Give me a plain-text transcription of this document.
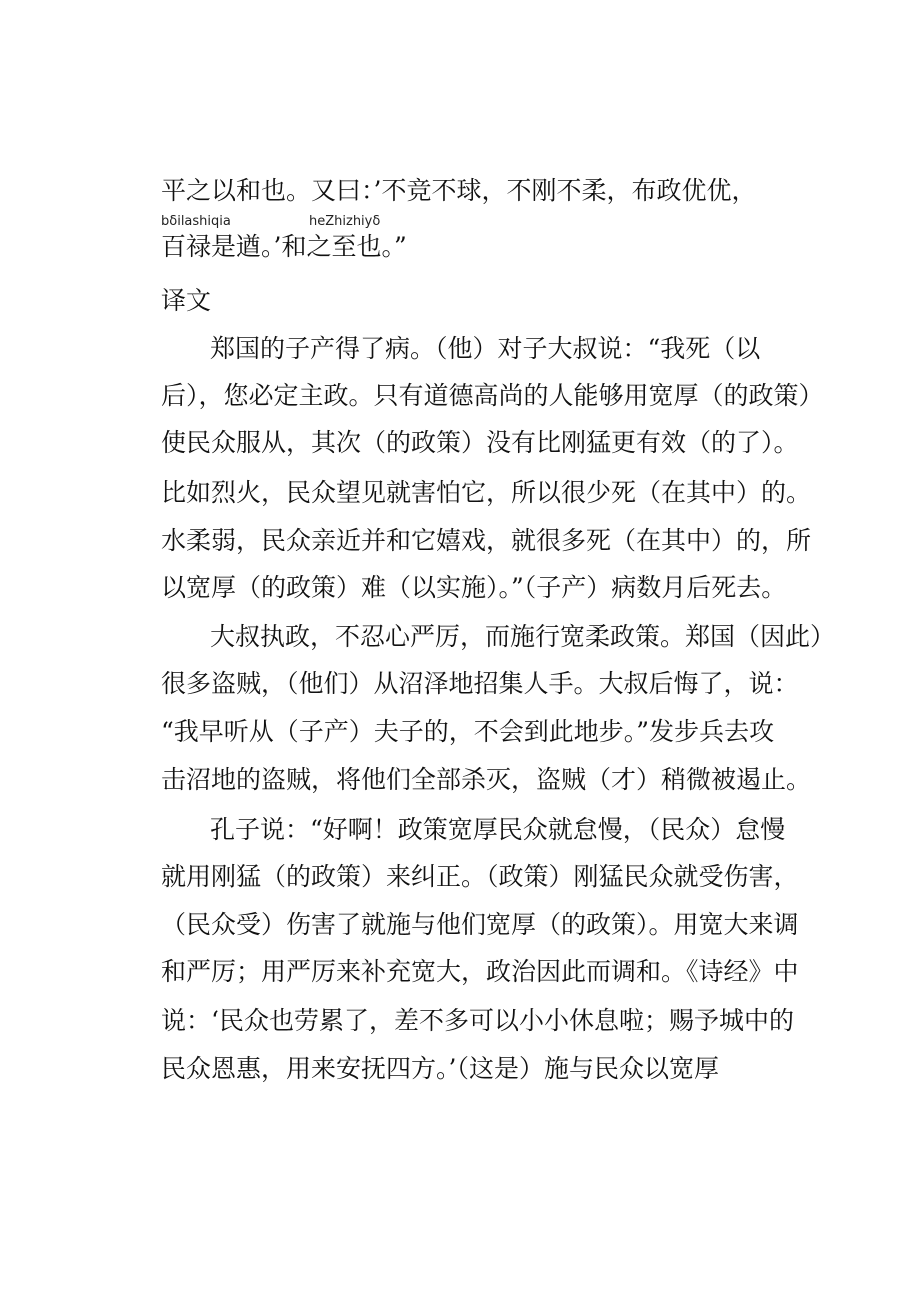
平之以和也。又曰：’不竞不球，不刚不柔，布政优优，
bδilashiqia	heZhizhiyδ
百禄是遒。’和之至也。”
译文
郑国的子产得了病。（他）对子大叔说：“我死（以
后），您必定主政。只有道德高尚的人能够用宽厚（的政策）
使民众服从，其次（的政策）没有比刚猛更有效（的了）。
比如烈火，民众望见就害怕它，所以很少死（在其中）的。
水柔弱，民众亲近并和它嬉戏，就很多死（在其中）的，所
以宽厚（的政策）难（以实施）。”（子产）病数月后死去。
大叔执政，不忍心严厉，而施行宽柔政策。郑国（因此）
很多盗贼，（他们）从沼泽地招集人手。大叔后悔了，说：
“我早听从（子产）夫子的，不会到此地步。”发步兵去攻
击沼地的盗贼，将他们全部杀灭，盗贼（才）稍微被遏止。
孔子说：“好啊！政策宽厚民众就怠慢，（民众）怠慢
就用刚猛（的政策）来纠正。（政策）刚猛民众就受伤害，
（民众受）伤害了就施与他们宽厚（的政策）。用宽大来调
和严厉；用严厉来补充宽大，政治因此而调和。《诗经》中
说：‘民众也劳累了，差不多可以小小休息啦；赐予城中的
民众恩惠，用来安抚四方。’（这是）施与民众以宽厚
